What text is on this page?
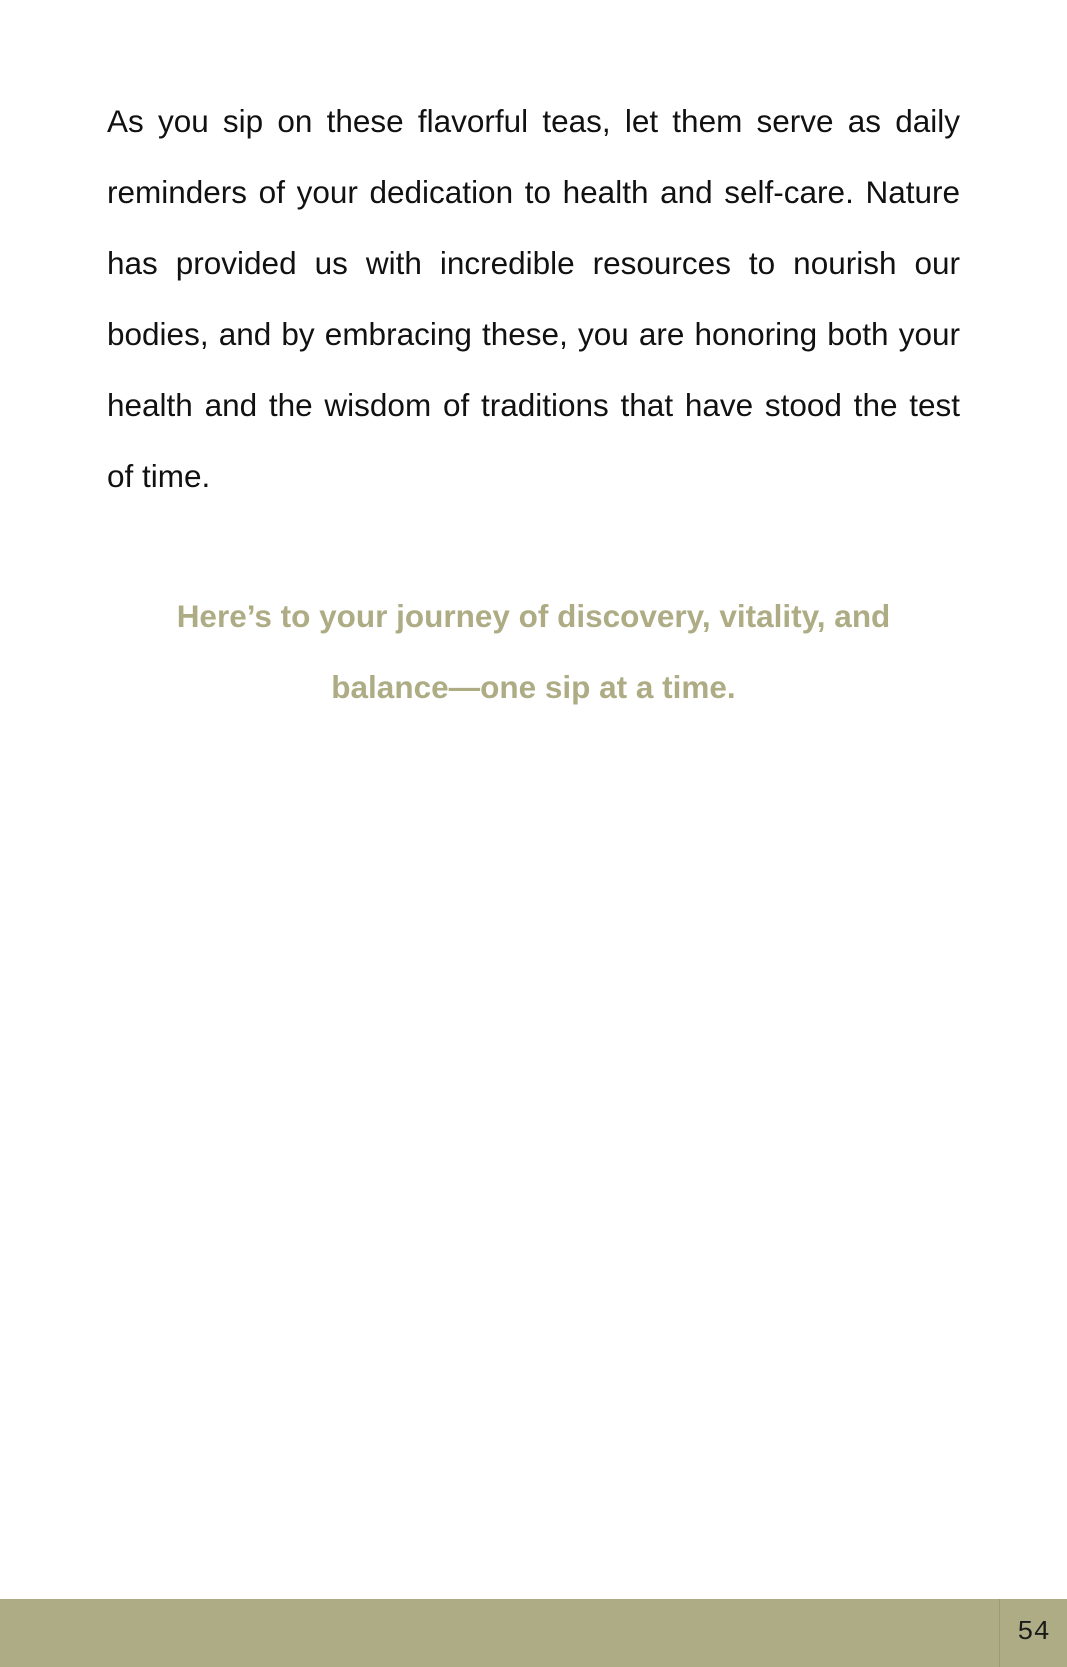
As you sip on these flavorful teas, let them serve as daily reminders of your dedication to health and self-care. Nature has provided us with incredible resources to nourish our bodies, and by embracing these, you are honoring both your health and the wisdom of traditions that have stood the test of time.

Here’s to your journey of discovery, vitality, and
balance—one sip at a time.

54
